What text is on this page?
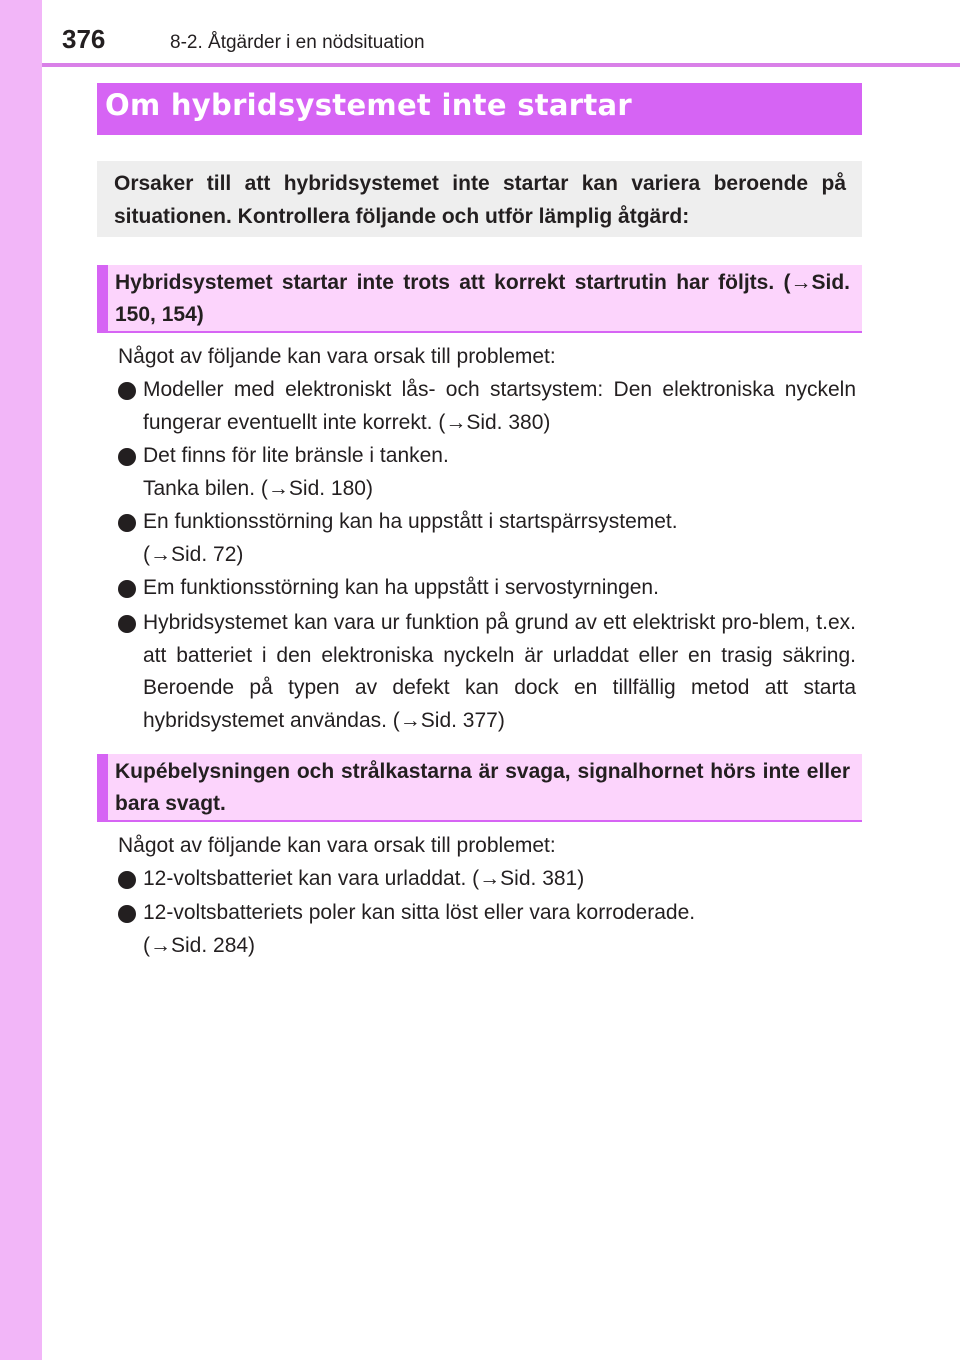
376	8-2. Åtgärder i en nödsituation
Om hybridsystemet inte startar
Orsaker till att hybridsystemet inte startar kan variera beroende på situationen. Kontrollera följande och utför lämplig åtgärd:
Hybridsystemet startar inte trots att korrekt startrutin har följts. (→Sid. 150, 154)
Något av följande kan vara orsak till problemet:
Modeller med elektroniskt lås- och startsystem: Den elektroniska nyckeln fungerar eventuellt inte korrekt. (→Sid. 380)
Det finns för lite bränsle i tanken.
Tanka bilen. (→Sid. 180)
En funktionsstörning kan ha uppstått i startspärrsystemet.
(→Sid. 72)
Em funktionsstörning kan ha uppstått i servostyrningen.
Hybridsystemet kan vara ur funktion på grund av ett elektriskt pro-blem, t.ex. att batteriet i den elektroniska nyckeln är urladdat eller en trasig säkring. Beroende på typen av defekt kan dock en tillfällig metod att starta hybridsystemet användas. (→Sid. 377)
Kupébelysningen och strålkastarna är svaga, signalhornet hörs inte eller bara svagt.
Något av följande kan vara orsak till problemet:
12-voltsbatteriet kan vara urladdat. (→Sid. 381)
12-voltsbatteriets poler kan sitta löst eller vara korroderade.
(→Sid. 284)
